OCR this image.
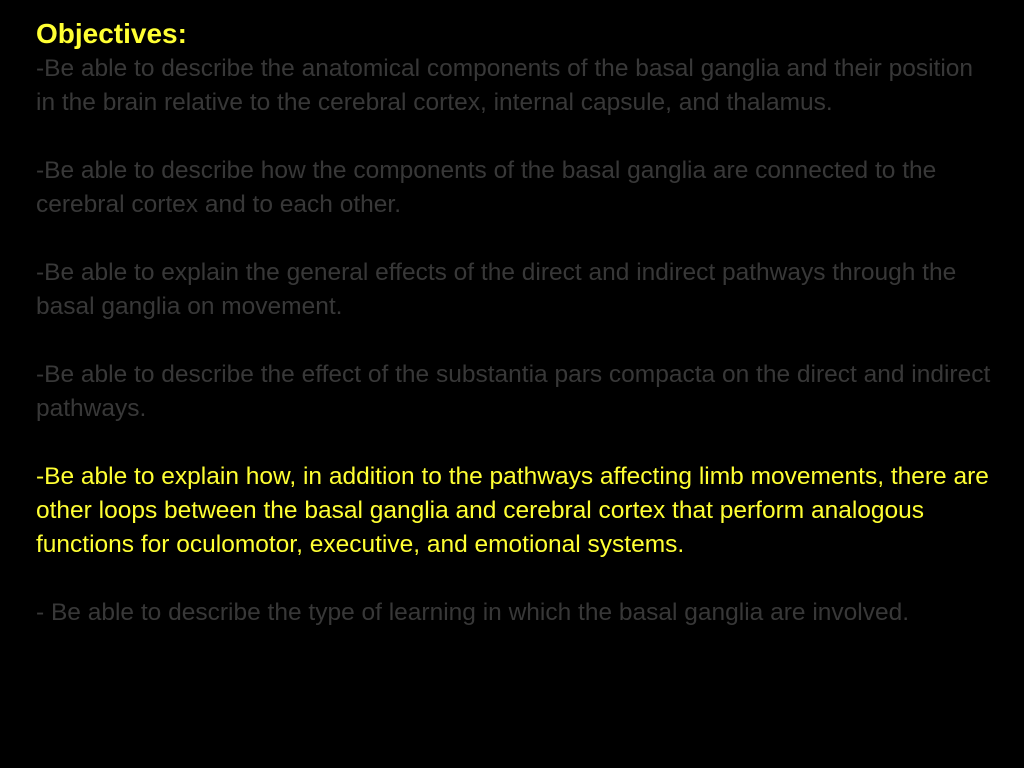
Objectives:

-Be able to describe the anatomical components of the basal ganglia and their position in the brain relative to the cerebral cortex, internal capsule, and thalamus.

-Be able to describe how the components of the basal ganglia are connected to the cerebral cortex and to each other.

-Be able to explain the general effects of the direct and indirect pathways through the basal ganglia on movement.

-Be able to describe the effect of the substantia pars compacta on the direct and indirect pathways.

-Be able to explain how, in addition to the pathways affecting limb movements, there are other loops between the basal ganglia and cerebral cortex that perform analogous functions for oculomotor, executive, and emotional systems.

- Be able to describe the type of learning in which the basal ganglia are involved.
